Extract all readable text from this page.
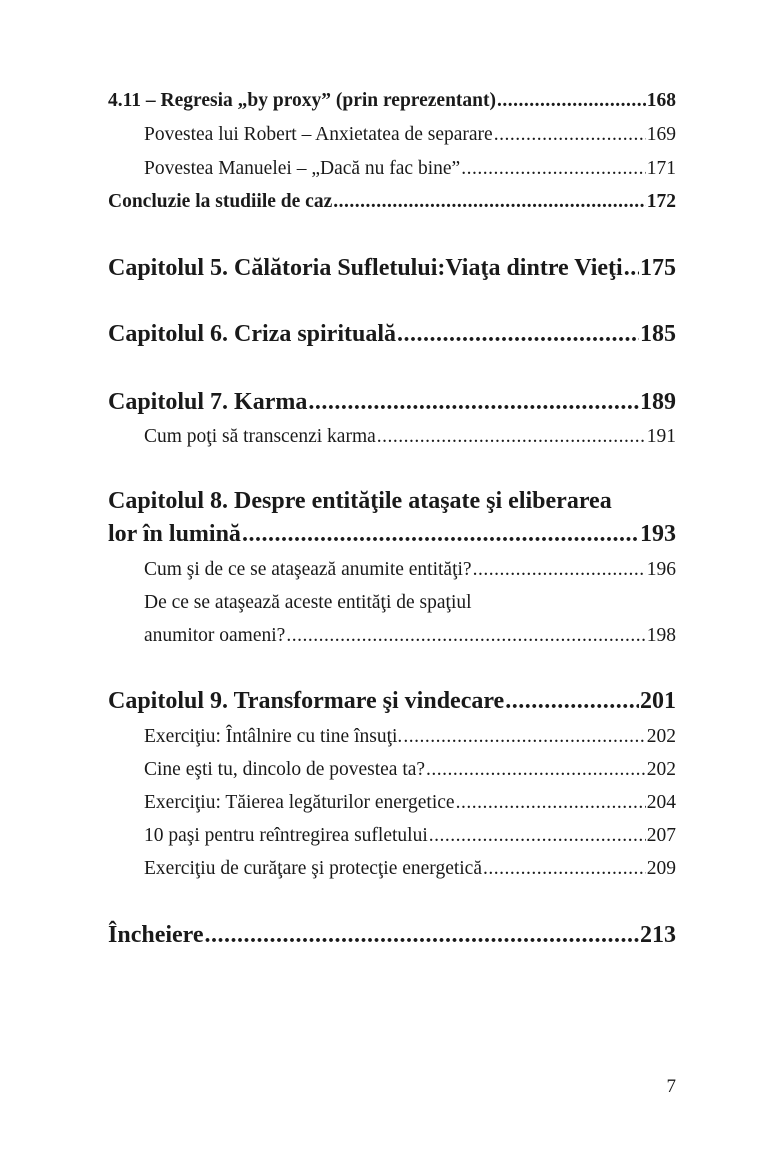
4.11 – Regresia „by proxy” (prin reprezentant) .....	168
Povestea lui Robert – Anxietatea de separare .....	169
Povestea Manuelei – „Dacă nu fac bine” .....	171
Concluzie la studiile de caz .....	172
Capitolul 5. Călătoria Sufletului:Viaţa dintre Vieţi ..... 175
Capitolul 6. Criza spirituală .....	185
Capitolul 7. Karma .....	189
Cum poţi să transcenzi karma .....	191
Capitolul 8. Despre entităţile ataşate şi eliberarea
lor în lumină .....	193
Cum şi de ce se ataşează anumite entităţi? .....	196
De ce se ataşează aceste entităţi de spaţiul
anumitor oameni? .....	198
Capitolul 9. Transformare şi vindecare .....	201
Exerciţiu: Întâlnire cu tine însuţi. .....	202
Cine eşti tu, dincolo de povestea ta? .....	202
Exerciţiu: Tăierea legăturilor energetice .....	204
10 paşi pentru reîntregirea sufletului .....	207
Exerciţiu de curăţare şi protecţie energetică .....	209
Încheiere .....	213
7
